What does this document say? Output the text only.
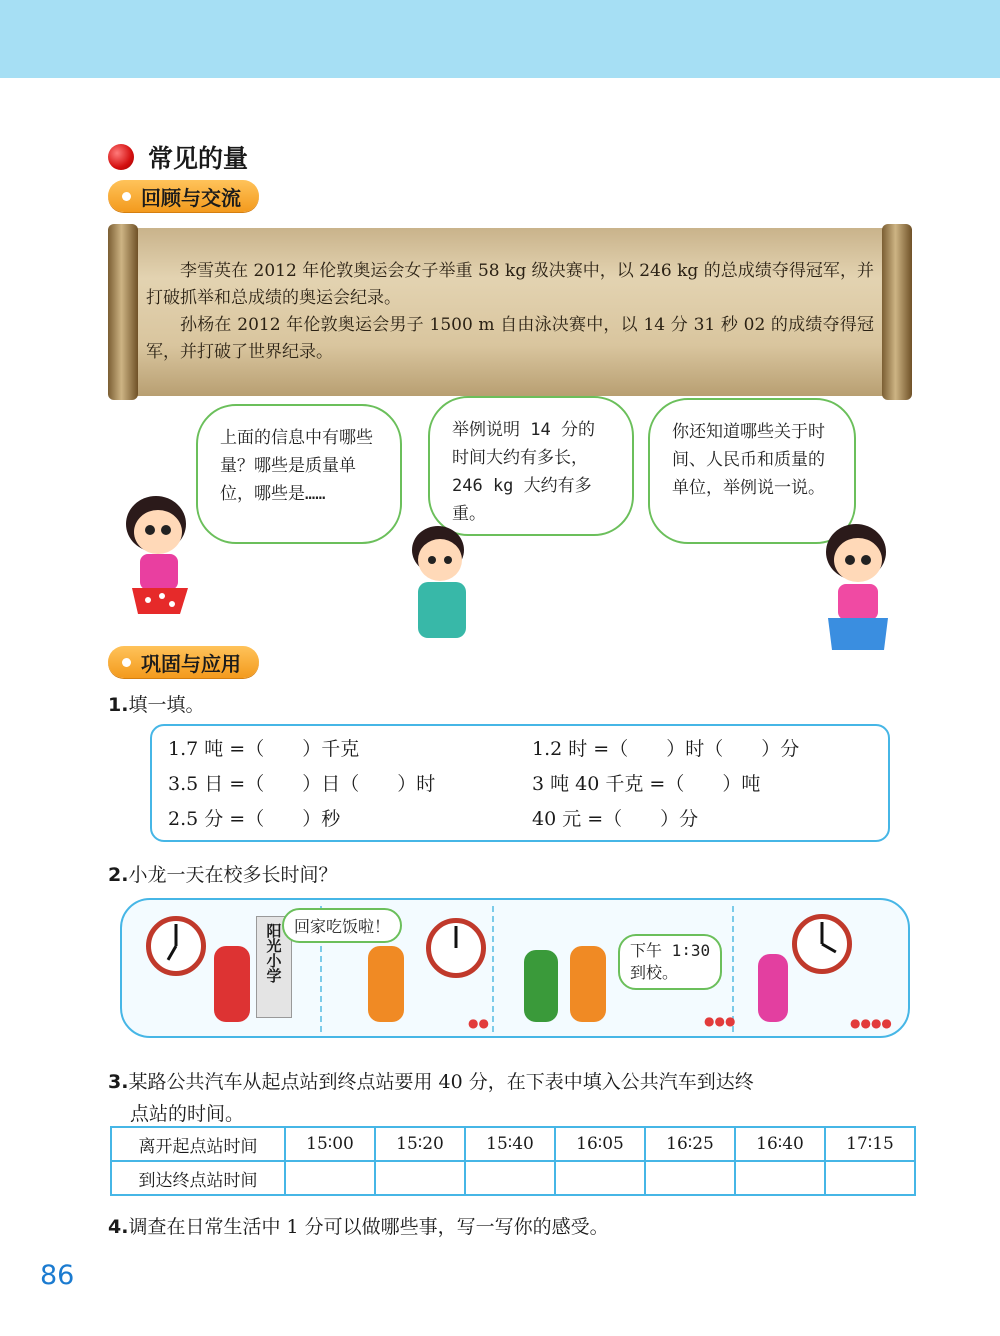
常见的量
回顾与交流

李雪英在 2012 年伦敦奥运会女子举重 58 kg 级决赛中，以 246 kg 的总成绩夺得冠军，并打破抓举和总成绩的奥运会纪录。

孙杨在 2012 年伦敦奥运会男子 1500 m 自由泳决赛中，以 14 分 31 秒 02 的成绩夺得冠军，并打破了世界纪录。

上面的信息中有哪些量？哪些是质量单位，哪些是……
举例说明 14 分的时间大约有多长，246 kg 大约有多重。
你还知道哪些关于时间、人民币和质量的单位，举例说一说。
巩固与应用
1.填一填。
1.7 吨 =（　　）千克	1.2 时 =（　　）时（　　）分
3.5 日 =（　　）日（　　）时	3 吨 40 千克 =（　　）吨
2.5 分 =（　　）秒	40 元 =（　　）分
2.小龙一天在校多长时间？
阳光小学 回家吃饭啦！
●●
下午 1∶30
到校。
●●●	●●●●
3.某路公共汽车从起点站到终点站要用 40 分，在下表中填入公共汽车到达终
点站的时间。
离开起点站时间	15∶00	15∶20	15∶40	16∶05	16∶25	16∶40	17∶15
到达终点站时间							
4.调查在日常生活中 1 分可以做哪些事，写一写你的感受。
86
